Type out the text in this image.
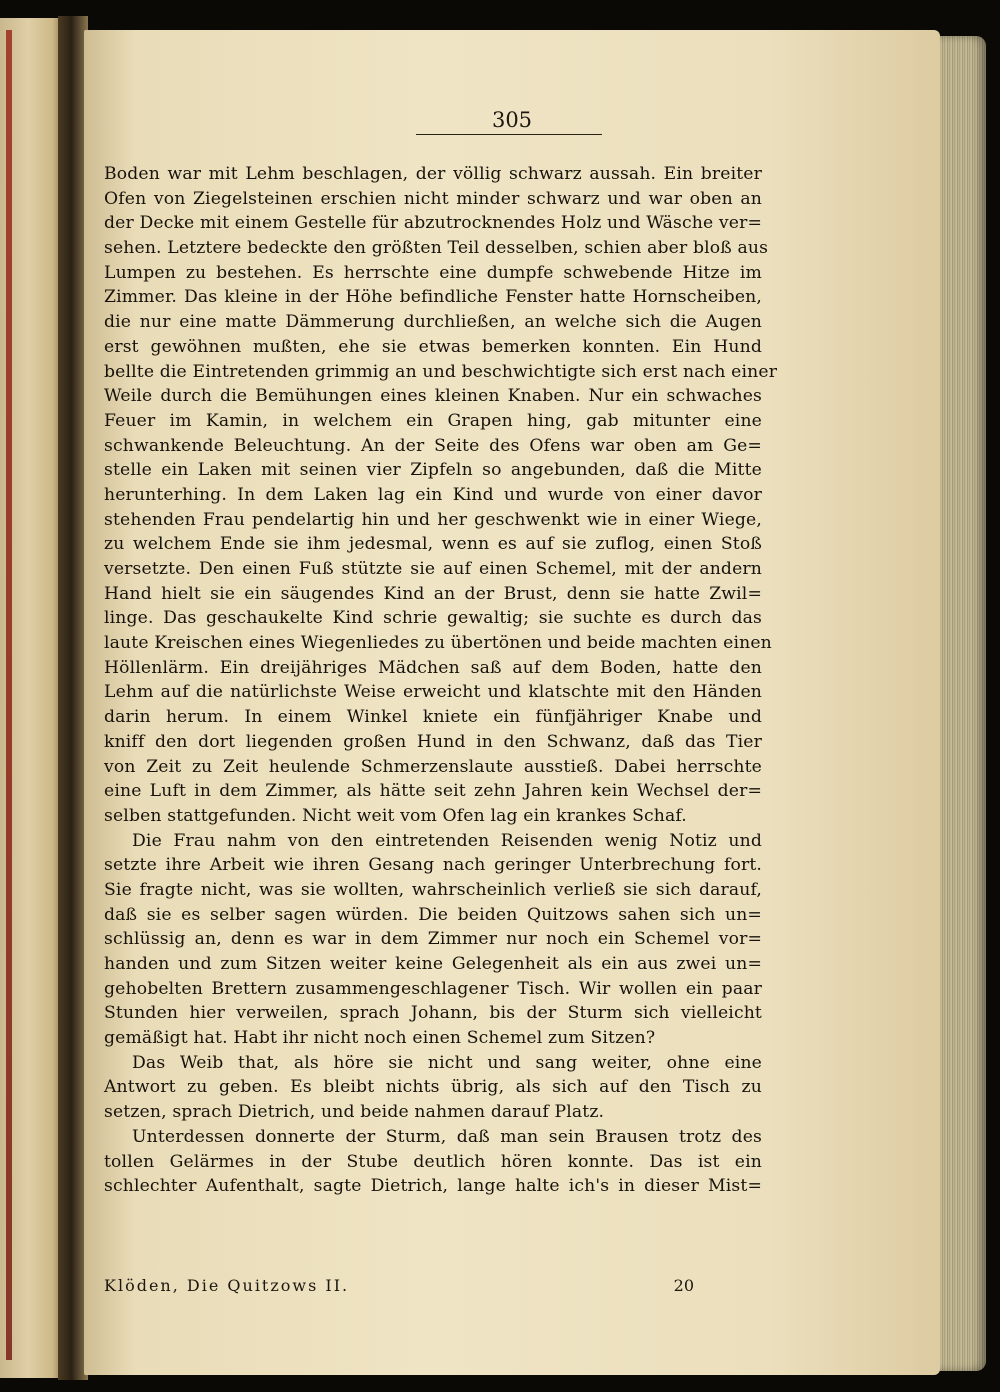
305
Boden war mit Lehm beschlagen, der völlig schwarz aussah. Ein breiter
Ofen von Ziegelsteinen erschien nicht minder schwarz und war oben an
der Decke mit einem Gestelle für abzutrocknendes Holz und Wäsche ver=
sehen. Letztere bedeckte den größten Teil desselben, schien aber bloß aus
Lumpen zu bestehen. Es herrschte eine dumpfe schwebende Hitze im
Zimmer. Das kleine in der Höhe befindliche Fenster hatte Hornscheiben,
die nur eine matte Dämmerung durchließen, an welche sich die Augen
erst gewöhnen mußten, ehe sie etwas bemerken konnten. Ein Hund
bellte die Eintretenden grimmig an und beschwichtigte sich erst nach einer
Weile durch die Bemühungen eines kleinen Knaben. Nur ein schwaches
Feuer im Kamin, in welchem ein Grapen hing, gab mitunter eine
schwankende Beleuchtung. An der Seite des Ofens war oben am Ge=
stelle ein Laken mit seinen vier Zipfeln so angebunden, daß die Mitte
herunterhing. In dem Laken lag ein Kind und wurde von einer davor
stehenden Frau pendelartig hin und her geschwenkt wie in einer Wiege,
zu welchem Ende sie ihm jedesmal, wenn es auf sie zuflog, einen Stoß
versetzte. Den einen Fuß stützte sie auf einen Schemel, mit der andern
Hand hielt sie ein säugendes Kind an der Brust, denn sie hatte Zwil=
linge. Das geschaukelte Kind schrie gewaltig; sie suchte es durch das
laute Kreischen eines Wiegenliedes zu übertönen und beide machten einen
Höllenlärm. Ein dreijähriges Mädchen saß auf dem Boden, hatte den
Lehm auf die natürlichste Weise erweicht und klatschte mit den Händen
darin herum. In einem Winkel kniete ein fünfjähriger Knabe und
kniff den dort liegenden großen Hund in den Schwanz, daß das Tier
von Zeit zu Zeit heulende Schmerzenslaute ausstieß. Dabei herrschte
eine Luft in dem Zimmer, als hätte seit zehn Jahren kein Wechsel der=
selben stattgefunden. Nicht weit vom Ofen lag ein krankes Schaf.
Die Frau nahm von den eintretenden Reisenden wenig Notiz und
setzte ihre Arbeit wie ihren Gesang nach geringer Unterbrechung fort.
Sie fragte nicht, was sie wollten, wahrscheinlich verließ sie sich darauf,
daß sie es selber sagen würden. Die beiden Quitzows sahen sich un=
schlüssig an, denn es war in dem Zimmer nur noch ein Schemel vor=
handen und zum Sitzen weiter keine Gelegenheit als ein aus zwei un=
gehobelten Brettern zusammengeschlagener Tisch. Wir wollen ein paar
Stunden hier verweilen, sprach Johann, bis der Sturm sich vielleicht
gemäßigt hat. Habt ihr nicht noch einen Schemel zum Sitzen?
Das Weib that, als höre sie nicht und sang weiter, ohne eine
Antwort zu geben. Es bleibt nichts übrig, als sich auf den Tisch zu
setzen, sprach Dietrich, und beide nahmen darauf Platz.
Unterdessen donnerte der Sturm, daß man sein Brausen trotz des
tollen Gelärmes in der Stube deutlich hören konnte. Das ist ein
schlechter Aufenthalt, sagte Dietrich, lange halte ich's in dieser Mist=
Klöden, Die Quitzows II.	20
